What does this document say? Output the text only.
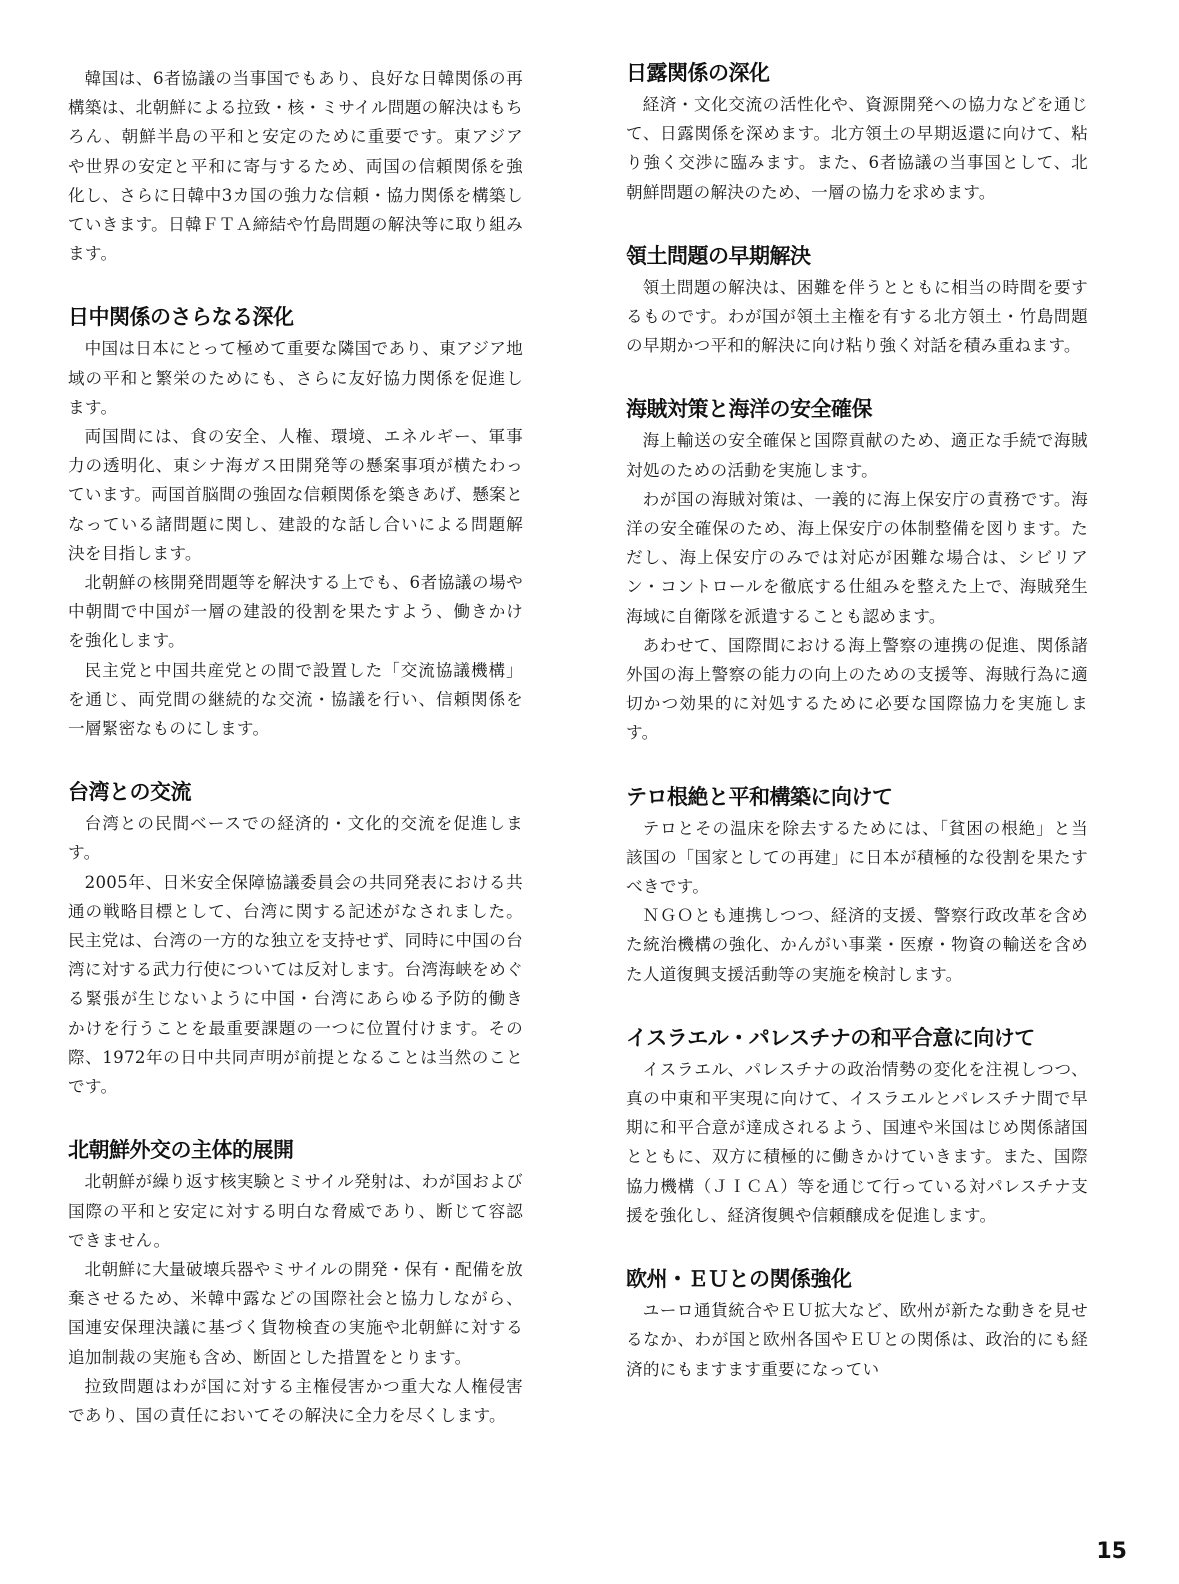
韓国は、6者協議の当事国でもあり、良好な日韓関係の再構築は、北朝鮮による拉致・核・ミサイル問題の解決はもちろん、朝鮮半島の平和と安定のために重要です。東アジアや世界の安定と平和に寄与するため、両国の信頼関係を強化し、さらに日韓中3カ国の強力な信頼・協力関係を構築していきます。日韓ＦＴＡ締結や竹島問題の解決等に取り組みます。

日中関係のさらなる深化

中国は日本にとって極めて重要な隣国であり、東アジア地域の平和と繁栄のためにも、さらに友好協力関係を促進します。

両国間には、食の安全、人権、環境、エネルギー、軍事力の透明化、東シナ海ガス田開発等の懸案事項が横たわっています。両国首脳間の強固な信頼関係を築きあげ、懸案となっている諸問題に関し、建設的な話し合いによる問題解決を目指します。

北朝鮮の核開発問題等を解決する上でも、6者協議の場や中朝間で中国が一層の建設的役割を果たすよう、働きかけを強化します。

民主党と中国共産党との間で設置した「交流協議機構」を通じ、両党間の継続的な交流・協議を行い、信頼関係を一層緊密なものにします。

台湾との交流

台湾との民間ベースでの経済的・文化的交流を促進します。

2005年、日米安全保障協議委員会の共同発表における共通の戦略目標として、台湾に関する記述がなされました。民主党は、台湾の一方的な独立を支持せず、同時に中国の台湾に対する武力行使については反対します。台湾海峡をめぐる緊張が生じないように中国・台湾にあらゆる予防的働きかけを行うことを最重要課題の一つに位置付けます。その際、1972年の日中共同声明が前提となることは当然のことです。

北朝鮮外交の主体的展開

北朝鮮が繰り返す核実験とミサイル発射は、わが国および国際の平和と安定に対する明白な脅威であり、断じて容認できません。

北朝鮮に大量破壊兵器やミサイルの開発・保有・配備を放棄させるため、米韓中露などの国際社会と協力しながら、国連安保理決議に基づく貨物検査の実施や北朝鮮に対する追加制裁の実施も含め、断固とした措置をとります。

拉致問題はわが国に対する主権侵害かつ重大な人権侵害であり、国の責任においてその解決に全力を尽くします。

日露関係の深化

経済・文化交流の活性化や、資源開発への協力などを通じて、日露関係を深めます。北方領土の早期返還に向けて、粘り強く交渉に臨みます。また、6者協議の当事国として、北朝鮮問題の解決のため、一層の協力を求めます。

領土問題の早期解決

領土問題の解決は、困難を伴うとともに相当の時間を要するものです。わが国が領土主権を有する北方領土・竹島問題の早期かつ平和的解決に向け粘り強く対話を積み重ねます。

海賊対策と海洋の安全確保

海上輸送の安全確保と国際貢献のため、適正な手続で海賊対処のための活動を実施します。

わが国の海賊対策は、一義的に海上保安庁の責務です。海洋の安全確保のため、海上保安庁の体制整備を図ります。ただし、海上保安庁のみでは対応が困難な場合は、シビリアン・コントロールを徹底する仕組みを整えた上で、海賊発生海域に自衛隊を派遣することも認めます。

あわせて、国際間における海上警察の連携の促進、関係諸外国の海上警察の能力の向上のための支援等、海賊行為に適切かつ効果的に対処するために必要な国際協力を実施します。

テロ根絶と平和構築に向けて

テロとその温床を除去するためには、「貧困の根絶」と当該国の「国家としての再建」に日本が積極的な役割を果たすべきです。

ＮＧＯとも連携しつつ、経済的支援、警察行政改革を含めた統治機構の強化、かんがい事業・医療・物資の輸送を含めた人道復興支援活動等の実施を検討します。

イスラエル・パレスチナの和平合意に向けて

イスラエル、パレスチナの政治情勢の変化を注視しつつ、真の中東和平実現に向けて、イスラエルとパレスチナ間で早期に和平合意が達成されるよう、国連や米国はじめ関係諸国とともに、双方に積極的に働きかけていきます。また、国際協力機構（ＪＩＣＡ）等を通じて行っている対パレスチナ支援を強化し、経済復興や信頼醸成を促進します。

欧州・ＥＵとの関係強化

ユーロ通貨統合やＥＵ拡大など、欧州が新たな動きを見せるなか、わが国と欧州各国やＥＵとの関係は、政治的にも経済的にもますます重要になってい

15
